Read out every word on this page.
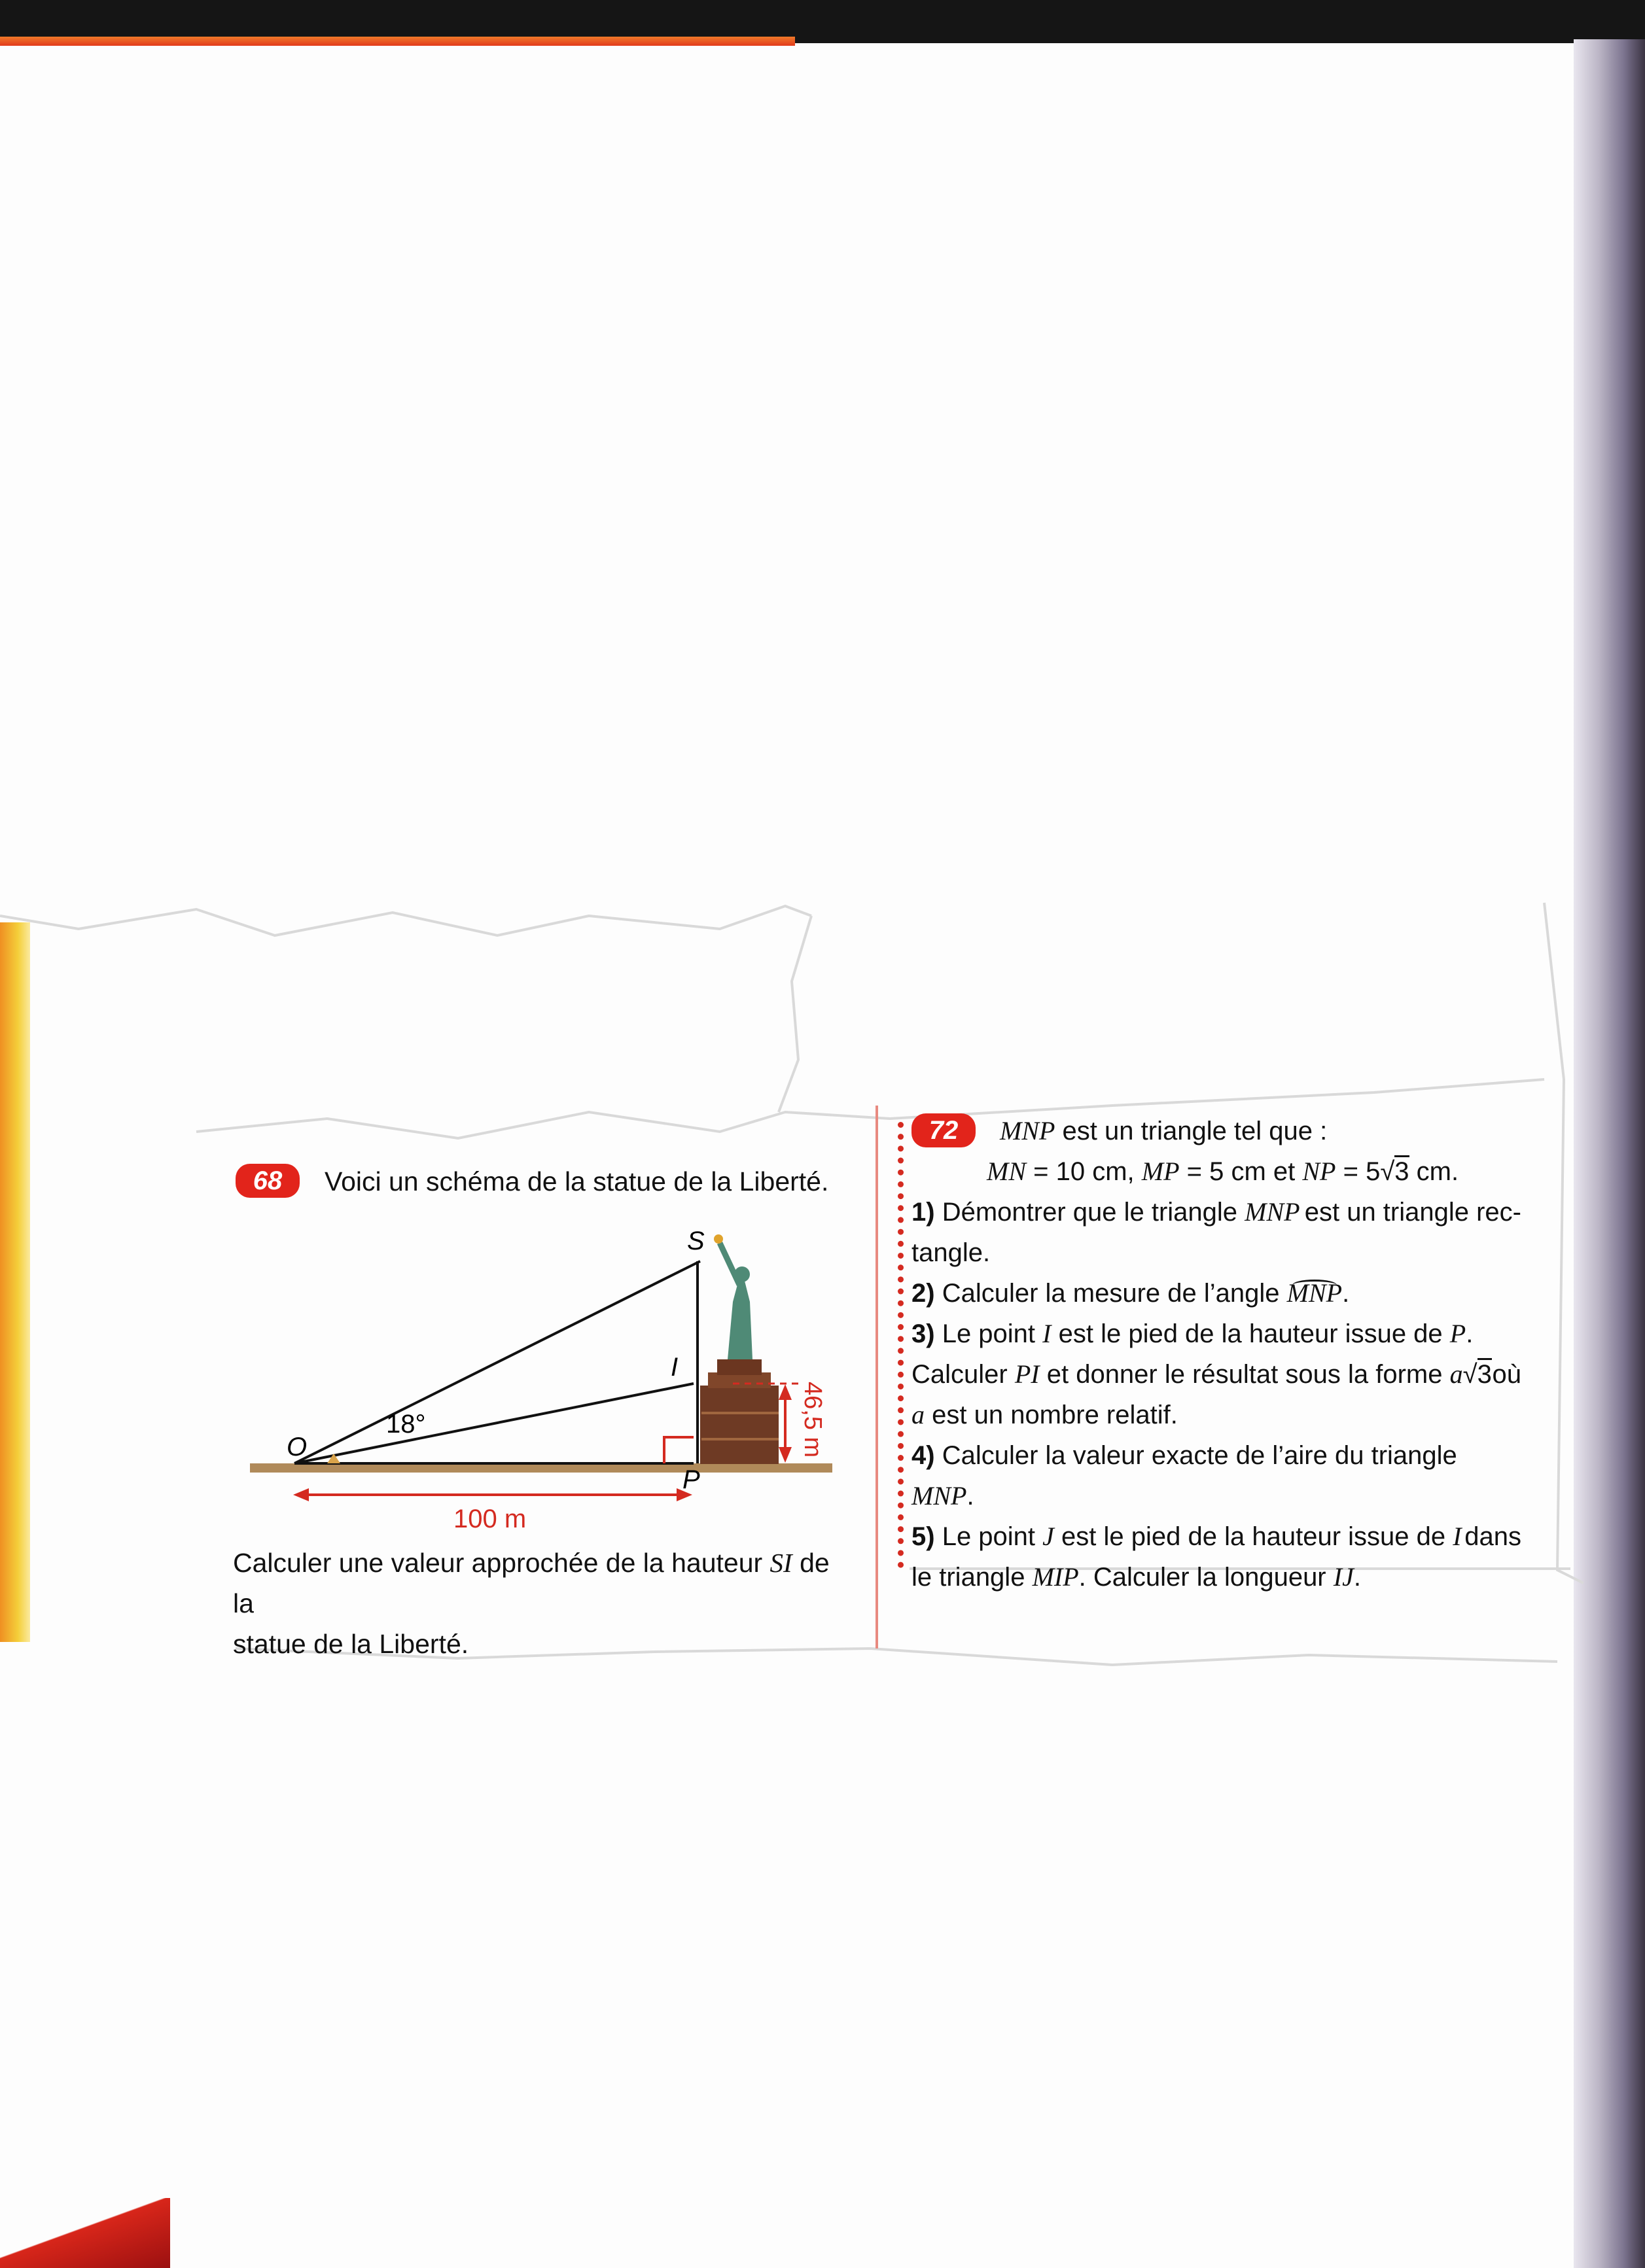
68 Voici un schéma de la statue de la Liberté.
S
I
O
P
18°
100 m
46,5 m
Calculer une valeur approchée de la hauteur SI de la
statue de la Liberté.
72	MNP est un triangle tel que :
MN = 10 cm, MP = 5 cm et NP = 5√3 cm.
1) Démontrer que le triangle MNP est un triangle rec-
tangle.
2) Calculer la mesure de l’angle
MNP.
3) Le point I est le pied de la hauteur issue de P.
Calculer PI et donner le résultat sous la forme a√3 où
a est un nombre relatif.
4) Calculer la valeur exacte de l’aire du triangle MNP.
5) Le point J est le pied de la hauteur issue de I dans
le triangle MIP. Calculer la longueur IJ.
